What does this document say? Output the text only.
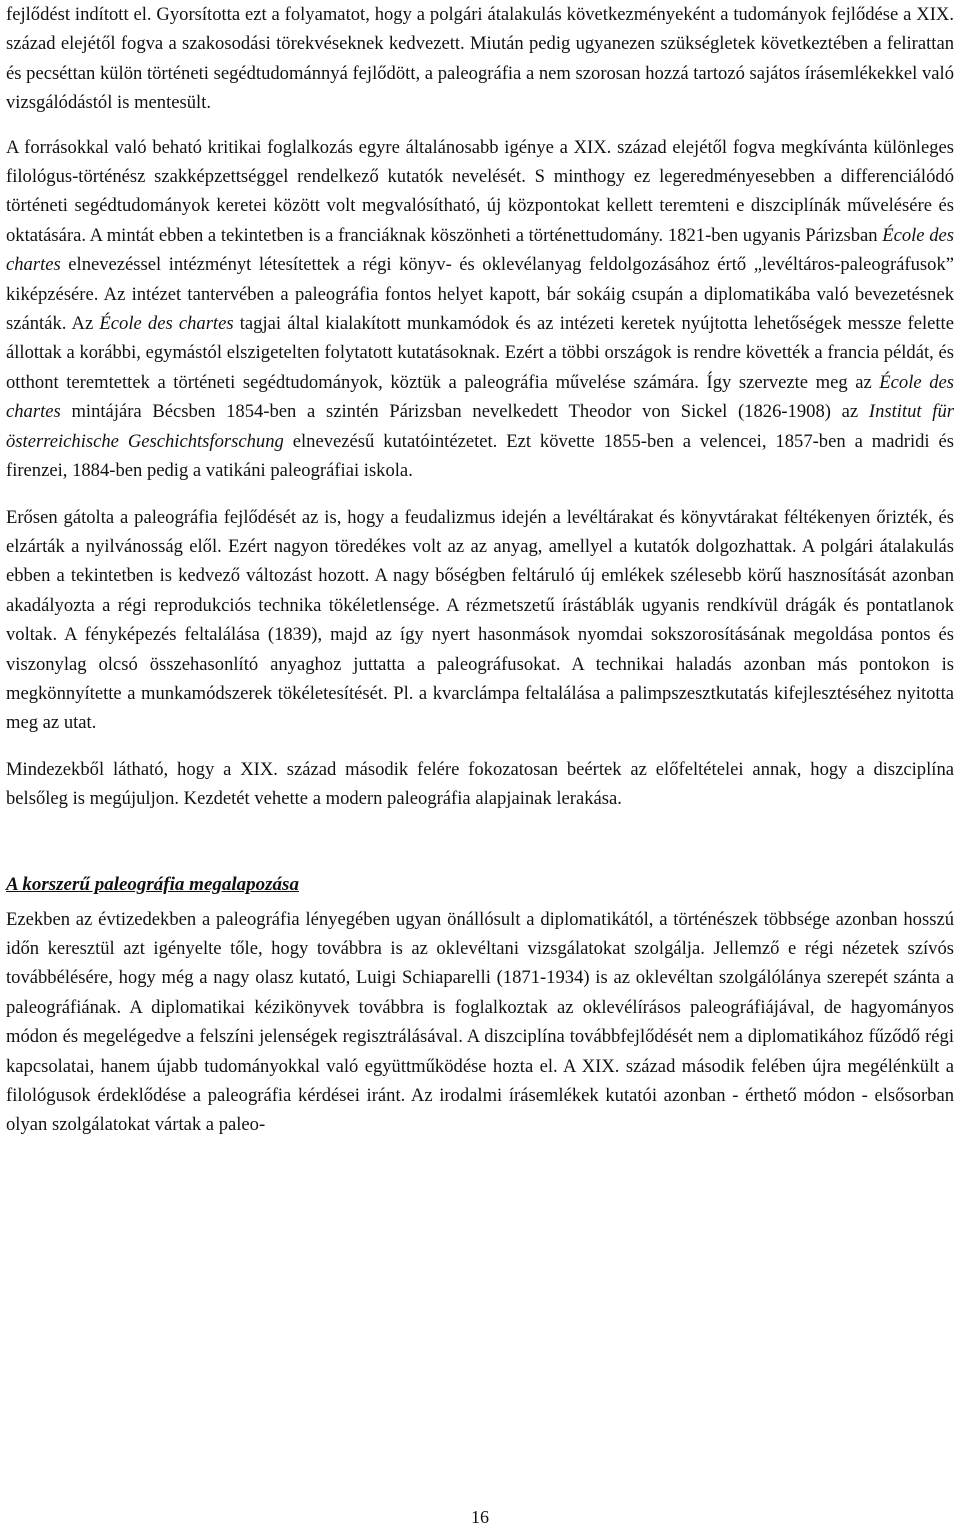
fejlődést indított el. Gyorsította ezt a folyamatot, hogy a polgári átalakulás következményeként a tudományok fejlődése a XIX. század elejétől fogva a szakosodási törekvéseknek kedvezett. Miután pedig ugyanezen szükségletek következtében a felirattan és pecséttan külön történeti segédtudománnyá fejlődött, a paleográfia a nem szorosan hozzá tartozó sajátos írásemlékekkel való vizsgálódástól is mentesült.

A forrásokkal való beható kritikai foglalkozás egyre általánosabb igénye a XIX. század elejétől fogva megkívánta különleges filológus-történész szakképzettséggel rendelkező kutatók nevelését. S minthogy ez legeredményesebben a differenciálódó történeti segédtudományok keretei között volt megvalósítható, új központokat kellett teremteni e diszciplínák művelésére és oktatására. A mintát ebben a tekintetben is a franciáknak köszönheti a történettudomány. 1821-ben ugyanis Párizsban École des chartes elnevezéssel intézményt létesítettek a régi könyv- és oklevélanyag feldolgozásához értő „levéltáros-paleográfusok” kiképzésére. Az intézet tantervében a paleográfia fontos helyet kapott, bár sokáig csupán a diplomatikába való bevezetésnek szánták. Az École des chartes tagjai által kialakított munkamódok és az intézeti keretek nyújtotta lehetőségek messze felette állottak a korábbi, egymástól elszigetelten folytatott kutatásoknak. Ezért a többi országok is rendre követték a francia példát, és otthont teremtettek a történeti segédtudományok, köztük a paleográfia művelése számára. Így szervezte meg az École des chartes mintájára Bécsben 1854-ben a szintén Párizsban nevelkedett Theodor von Sickel (1826-1908) az Institut für österreichische Geschichtsforschung elnevezésű kutatóintézetet. Ezt követte 1855-ben a velencei, 1857-ben a madridi és firenzei, 1884-ben pedig a vatikáni paleográfiai iskola.

Erősen gátolta a paleográfia fejlődését az is, hogy a feudalizmus idején a levéltárakat és könyvtárakat féltékenyen őrizték, és elzárták a nyilvánosság elől. Ezért nagyon töredékes volt az az anyag, amellyel a kutatók dolgozhattak. A polgári átalakulás ebben a tekintetben is kedvező változást hozott. A nagy bőségben feltáruló új emlékek szélesebb körű hasznosítását azonban akadályozta a régi reprodukciós technika tökéletlensége. A rézmetszetű írástáblák ugyanis rendkívül drágák és pontatlanok voltak. A fényképezés feltalálása (1839), majd az így nyert hasonmások nyomdai sokszorosításának megoldása pontos és viszonylag olcsó összehasonlító anyaghoz juttatta a paleográfusokat. A technikai haladás azonban más pontokon is megkönnyítette a munkamódszerek tökéletesítését. Pl. a kvarclámpa feltalálása a palimpszesztkutatás kifejlesztéséhez nyitotta meg az utat.

Mindezekből látható, hogy a XIX. század második felére fokozatosan beértek az előfeltételei annak, hogy a diszciplína belsőleg is megújuljon. Kezdetét vehette a modern paleográfia alapjainak lerakása.

A korszerű paleográfia megalapozása

Ezekben az évtizedekben a paleográfia lényegében ugyan önállósult a diplomatikától, a történészek többsége azonban hosszú időn keresztül azt igényelte tőle, hogy továbbra is az oklevéltani vizsgálatokat szolgálja. Jellemző e régi nézetek szívós továbbélésére, hogy még a nagy olasz kutató, Luigi Schiaparelli (1871-1934) is az oklevéltan szolgálólánya szerepét szánta a paleográfiának. A diplomatikai kézikönyvek továbbra is foglalkoztak az oklevélírásos paleográfiájával, de hagyományos módon és megelégedve a felszíni jelenségek regisztrálásával. A diszciplína továbbfejlődését nem a diplomatikához fűződő régi kapcsolatai, hanem újabb tudományokkal való együttműködése hozta el. A XIX. század második felében újra megélénkült a filológusok érdeklődése a paleográfia kérdései iránt. Az irodalmi írásemlékek kutatói azonban - érthető módon - elsősorban olyan szolgálatokat vártak a paleo-

16
